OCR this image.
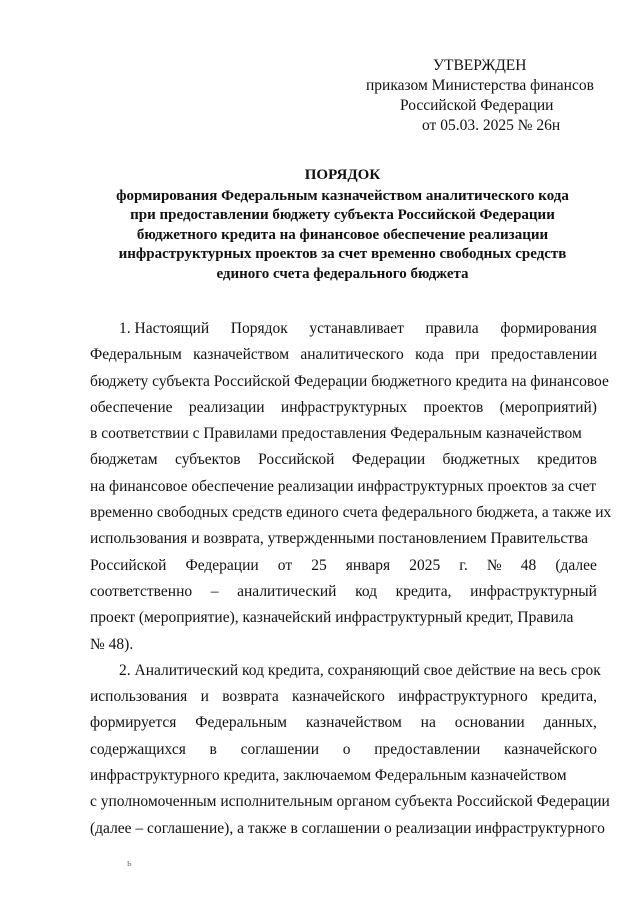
УТВЕРЖДЕН
приказом Министерства финансов
Российской Федерации
от 05.03. 2025 № 26н
ПОРЯДОК
формирования Федеральным казначейством аналитического кода
при предоставлении бюджету субъекта Российской Федерации
бюджетного кредита на финансовое обеспечение реализации
инфраструктурных проектов за счет временно свободных средств
единого счета федерального бюджета

1. Настоящий Порядок устанавливает правила формирования
Федеральным казначейством аналитического кода при предоставлении
бюджету субъекта Российской Федерации бюджетного кредита на финансовое
обеспечение реализации инфраструктурных проектов (мероприятий)
в соответствии с Правилами предоставления Федеральным казначейством
бюджетам субъектов Российской Федерации бюджетных кредитов
на финансовое обеспечение реализации инфраструктурных проектов за счет
временно свободных средств единого счета федерального бюджета, а также их
использования и возврата, утвержденными постановлением Правительства
Российской Федерации от 25 января 2025 г. № 48 (далее
соответственно – аналитический код кредита, инфраструктурный
проект (мероприятие), казначейский инфраструктурный кредит, Правила
№ 48).

2. Аналитический код кредита, сохраняющий свое действие на весь срок
использования и возврата казначейского инфраструктурного кредита,
формируется Федеральным казначейством на основании данных,
содержащихся в соглашении о предоставлении казначейского
инфраструктурного кредита, заключаемом Федеральным казначейством
с уполномоченным исполнительным органом субъекта Российской Федерации
(далее – соглашение), а также в соглашении о реализации инфраструктурного

ь
